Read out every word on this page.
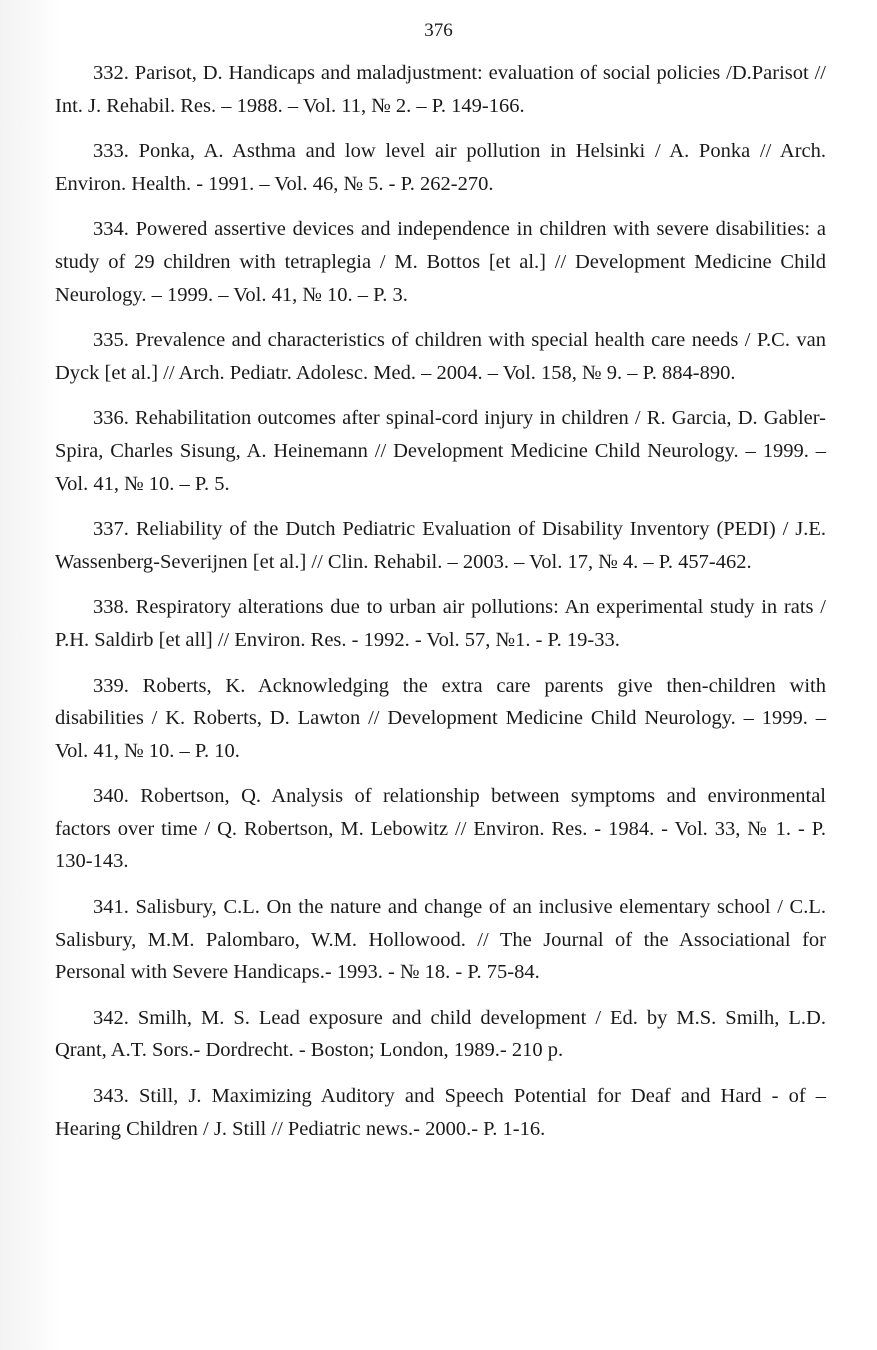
376

332. Parisot, D. Handicaps and maladjustment: evaluation of social policies /D.Parisot // Int. J. Rehabil. Res. – 1988. – Vol. 11, № 2. – P. 149-166.

333. Ponka, A. Asthma and low level air pollution in Helsinki / A. Ponka // Arch. Environ. Health. - 1991. – Vol. 46, № 5. - P. 262-270.

334. Powered assertive devices and independence in children with severe disabilities: a study of 29 children with tetraplegia / M. Bottos [et al.] // Development Medicine Child Neurology. – 1999. – Vol. 41, № 10. – P. 3.

335. Prevalence and characteristics of children with special health care needs / P.C. van Dyck [et al.] // Arch. Pediatr. Adolesc. Med. – 2004. – Vol. 158, № 9. – P. 884-890.

336. Rehabilitation outcomes after spinal-cord injury in children / R. Garcia, D. Gabler- Spira, Charles Sisung, A. Heinemann // Development Medicine Child Neurology. – 1999. – Vol. 41, № 10. – P. 5.

337. Reliability of the Dutch Pediatric Evaluation of Disability Inventory (PEDI) / J.E. Wassenberg-Severijnen [et al.] // Clin. Rehabil. – 2003. – Vol. 17, № 4. – P. 457-462.

338. Respiratory alterations due to urban air pollutions: An experimental study in rats / P.H. Saldirb [et all] // Environ. Res. - 1992. - Vol. 57, №1. - P. 19-33.

339. Roberts, K. Acknowledging the extra care parents give then-children with disabilities / K. Roberts, D. Lawton // Development Medicine Child Neurology. – 1999. – Vol. 41, № 10. – P. 10.

340. Robertson, Q. Analysis of relationship between symptoms and environmental factors over time / Q. Robertson, M. Lebowitz // Environ. Res. - 1984. - Vol. 33, № 1. - P. 130-143.

341. Salisbury, C.L. On the nature and change of an inclusive elementary school / C.L. Salisbury, M.M. Palombaro, W.M. Hollowood. // The Journal of the Associational for Personal with Severe Handicaps.- 1993. - № 18. - P. 75-84.

342. Smilh, M. S. Lead exposure and child development / Ed. by M.S. Smilh, L.D. Qrant, A.T. Sors.- Dordrecht. - Boston; London, 1989.- 210 p.

343. Still, J. Maximizing Auditory and Speech Potential for Deaf and Hard - of – Hearing Children / J. Still // Pediatric news.- 2000.- P. 1-16.
